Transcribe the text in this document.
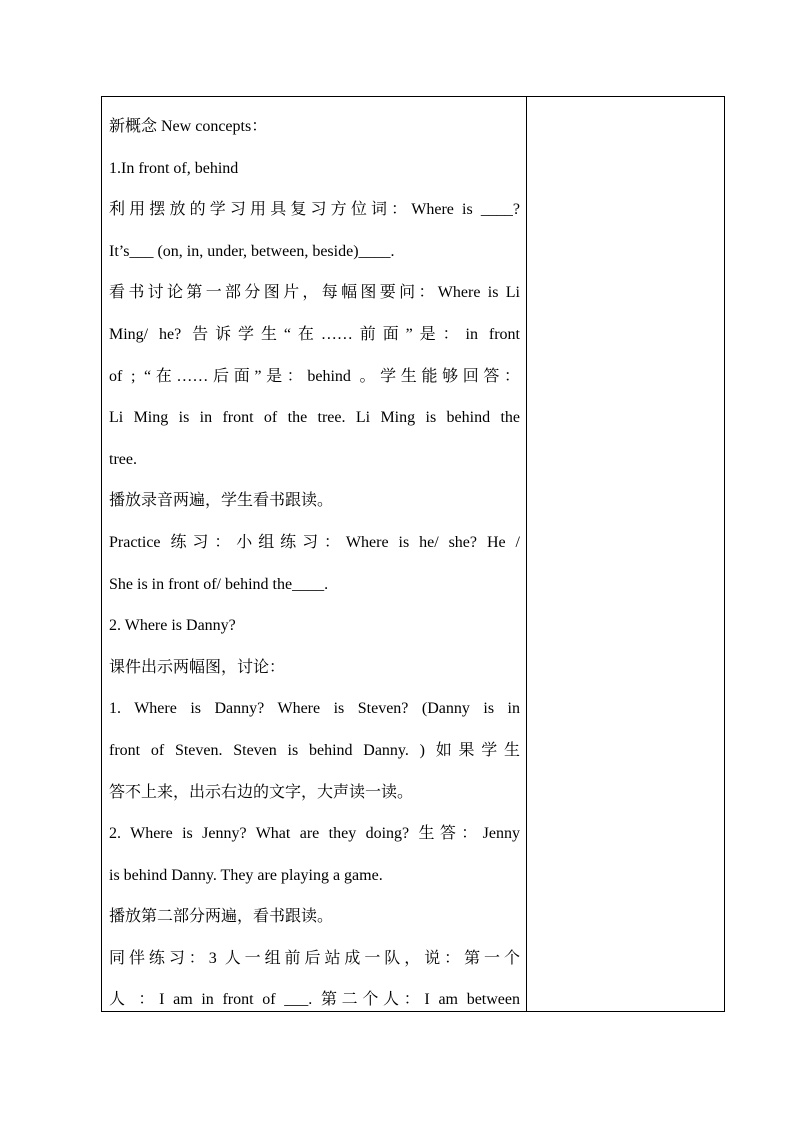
新概念 New concepts：
1.In front of, behind
利用摆放的学习用具复习方位词：Where is ____?
It’s___ (on, in, under, between, beside)____.
看书讨论第一部分图片，每幅图要问：Where is Li
Ming/ he? 告诉学生“在……前面”是：in front
of ; “在……后面”是：behind 。学生能够回答：
Li Ming is in front of the tree. Li Ming is behind the
tree.
播放录音两遍，学生看书跟读。
Practice 练习：小组练习：Where is he/ she? He /
She is in front of/ behind the____.
2. Where is Danny?
课件出示两幅图，讨论：
1. Where is Danny? Where is Steven? (Danny is in
front of Steven. Steven is behind Danny. ) 如果学生
答不上来，出示右边的文字，大声读一读。
2. Where is Jenny? What are they doing? 生答：Jenny
is behind Danny. They are playing a game.
播放第二部分两遍，看书跟读。
同伴练习：3 人一组前后站成一队，说：第一个
人 ：I am in front of ___. 第二个人：I am between
